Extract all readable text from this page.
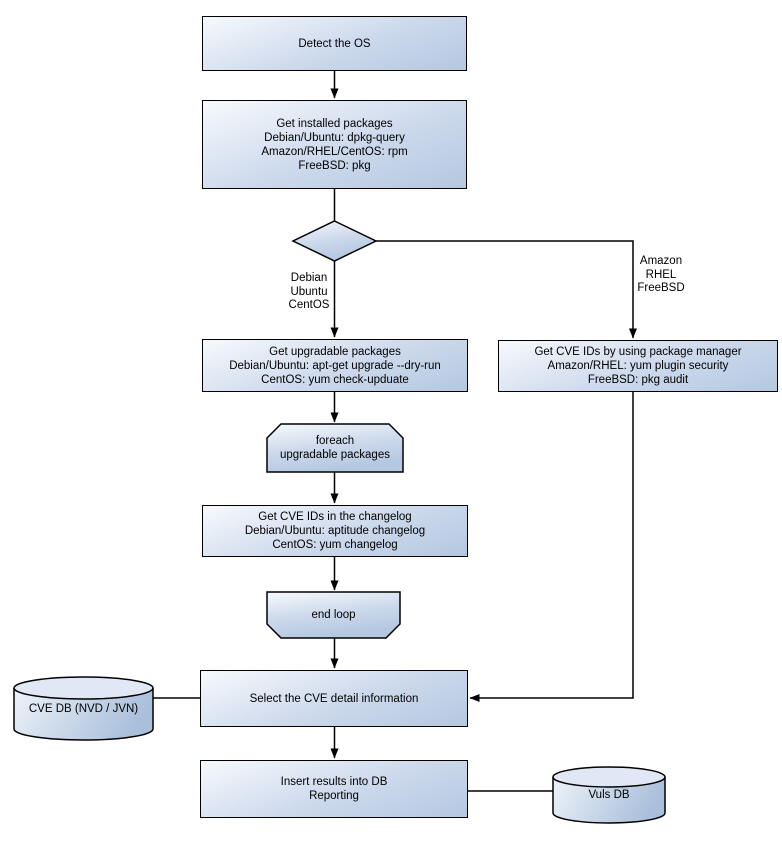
Detect the OS
Get installed packages
Debian/Ubuntu: dpkg-query
Amazon/RHEL/CentOS: rpm
FreeBSD: pkg
Get upgradable packages
Debian/Ubuntu: apt-get upgrade --dry-run
CentOS: yum check-upduate
Get CVE IDs by using package manager
Amazon/RHEL: yum plugin security
FreeBSD: pkg audit
Get CVE IDs in the changelog
Debian/Ubuntu: aptitude changelog
CentOS: yum changelog
Select the CVE detail information
Insert results into DB
Reporting
foreach
upgradable packages
end loop
CVE DB (NVD / JVN)
Vuls DB
Debian
Ubuntu
CentOS
Amazon
RHEL
FreeBSD
